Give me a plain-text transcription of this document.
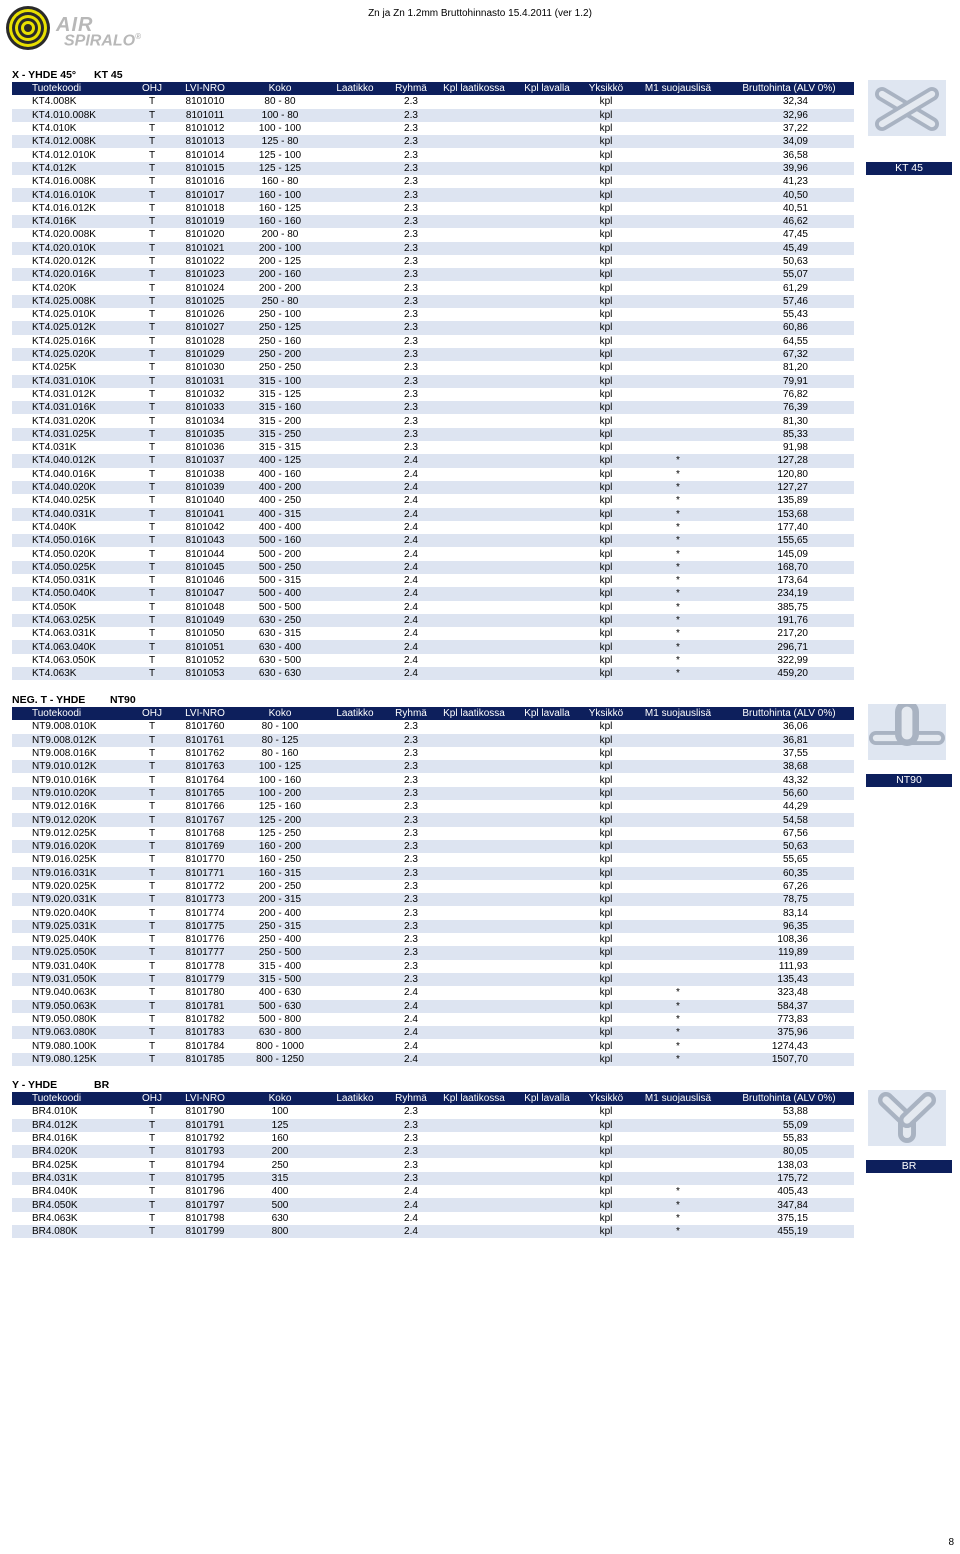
AIR
SPIRALO®
Zn ja Zn 1.2mm Bruttohinnasto 15.4.2011 (ver 1.2)
X - YHDE 45° KT 45
Tuotekoodi	OHJ	LVI-NRO	Koko	Laatikko	Ryhmä	Kpl laatikossa	Kpl lavalla	Yksikkö	M1 suojauslisä	Bruttohinta (ALV 0%)
KT4.008K	T	8101010	80 - 80		2.3			kpl		32,34
KT4.010.008K	T	8101011	100 - 80		2.3			kpl		32,96
KT4.010K	T	8101012	100 - 100		2.3			kpl		37,22
KT4.012.008K	T	8101013	125 - 80		2.3			kpl		34,09
KT4.012.010K	T	8101014	125 - 100		2.3			kpl		36,58
KT4.012K	T	8101015	125 - 125		2.3			kpl		39,96
KT4.016.008K	T	8101016	160 - 80		2.3			kpl		41,23
KT4.016.010K	T	8101017	160 - 100		2.3			kpl		40,50
KT4.016.012K	T	8101018	160 - 125		2.3			kpl		40,51
KT4.016K	T	8101019	160 - 160		2.3			kpl		46,62
KT4.020.008K	T	8101020	200 - 80		2.3			kpl		47,45
KT4.020.010K	T	8101021	200 - 100		2.3			kpl		45,49
KT4.020.012K	T	8101022	200 - 125		2.3			kpl		50,63
KT4.020.016K	T	8101023	200 - 160		2.3			kpl		55,07
KT4.020K	T	8101024	200 - 200		2.3			kpl		61,29
KT4.025.008K	T	8101025	250 - 80		2.3			kpl		57,46
KT4.025.010K	T	8101026	250 - 100		2.3			kpl		55,43
KT4.025.012K	T	8101027	250 - 125		2.3			kpl		60,86
KT4.025.016K	T	8101028	250 - 160		2.3			kpl		64,55
KT4.025.020K	T	8101029	250 - 200		2.3			kpl		67,32
KT4.025K	T	8101030	250 - 250		2.3			kpl		81,20
KT4.031.010K	T	8101031	315 - 100		2.3			kpl		79,91
KT4.031.012K	T	8101032	315 - 125		2.3			kpl		76,82
KT4.031.016K	T	8101033	315 - 160		2.3			kpl		76,39
KT4.031.020K	T	8101034	315 - 200		2.3			kpl		81,30
KT4.031.025K	T	8101035	315 - 250		2.3			kpl		85,33
KT4.031K	T	8101036	315 - 315		2.3			kpl		91,98
KT4.040.012K	T	8101037	400 - 125		2.4			kpl	*	127,28
KT4.040.016K	T	8101038	400 - 160		2.4			kpl	*	120,80
KT4.040.020K	T	8101039	400 - 200		2.4			kpl	*	127,27
KT4.040.025K	T	8101040	400 - 250		2.4			kpl	*	135,89
KT4.040.031K	T	8101041	400 - 315		2.4			kpl	*	153,68
KT4.040K	T	8101042	400 - 400		2.4			kpl	*	177,40
KT4.050.016K	T	8101043	500 - 160		2.4			kpl	*	155,65
KT4.050.020K	T	8101044	500 - 200		2.4			kpl	*	145,09
KT4.050.025K	T	8101045	500 - 250		2.4			kpl	*	168,70
KT4.050.031K	T	8101046	500 - 315		2.4			kpl	*	173,64
KT4.050.040K	T	8101047	500 - 400		2.4			kpl	*	234,19
KT4.050K	T	8101048	500 - 500		2.4			kpl	*	385,75
KT4.063.025K	T	8101049	630 - 250		2.4			kpl	*	191,76
KT4.063.031K	T	8101050	630 - 315		2.4			kpl	*	217,20
KT4.063.040K	T	8101051	630 - 400		2.4			kpl	*	296,71
KT4.063.050K	T	8101052	630 - 500		2.4			kpl	*	322,99
KT4.063K	T	8101053	630 - 630		2.4			kpl	*	459,20
KT 45
NEG. T - YHDE NT90
Tuotekoodi	OHJ	LVI-NRO	Koko	Laatikko	Ryhmä	Kpl laatikossa	Kpl lavalla	Yksikkö	M1 suojauslisä	Bruttohinta (ALV 0%)
NT9.008.010K	T	8101760	80 - 100		2.3			kpl		36,06
NT9.008.012K	T	8101761	80 - 125		2.3			kpl		36,81
NT9.008.016K	T	8101762	80 - 160		2.3			kpl		37,55
NT9.010.012K	T	8101763	100 - 125		2.3			kpl		38,68
NT9.010.016K	T	8101764	100 - 160		2.3			kpl		43,32
NT9.010.020K	T	8101765	100 - 200		2.3			kpl		56,60
NT9.012.016K	T	8101766	125 - 160		2.3			kpl		44,29
NT9.012.020K	T	8101767	125 - 200		2.3			kpl		54,58
NT9.012.025K	T	8101768	125 - 250		2.3			kpl		67,56
NT9.016.020K	T	8101769	160 - 200		2.3			kpl		50,63
NT9.016.025K	T	8101770	160 - 250		2.3			kpl		55,65
NT9.016.031K	T	8101771	160 - 315		2.3			kpl		60,35
NT9.020.025K	T	8101772	200 - 250		2.3			kpl		67,26
NT9.020.031K	T	8101773	200 - 315		2.3			kpl		78,75
NT9.020.040K	T	8101774	200 - 400		2.3			kpl		83,14
NT9.025.031K	T	8101775	250 - 315		2.3			kpl		96,35
NT9.025.040K	T	8101776	250 - 400		2.3			kpl		108,36
NT9.025.050K	T	8101777	250 - 500		2.3			kpl		119,89
NT9.031.040K	T	8101778	315 - 400		2.3			kpl		111,93
NT9.031.050K	T	8101779	315 - 500		2.3			kpl		135,43
NT9.040.063K	T	8101780	400 - 630		2.4			kpl	*	323,48
NT9.050.063K	T	8101781	500 - 630		2.4			kpl	*	584,37
NT9.050.080K	T	8101782	500 - 800		2.4			kpl	*	773,83
NT9.063.080K	T	8101783	630 - 800		2.4			kpl	*	375,96
NT9.080.100K	T	8101784	800 - 1000		2.4			kpl	*	1274,43
NT9.080.125K	T	8101785	800 - 1250		2.4			kpl	*	1507,70
NT90
Y - YHDE	BR
Tuotekoodi	OHJ	LVI-NRO	Koko	Laatikko	Ryhmä	Kpl laatikossa	Kpl lavalla	Yksikkö	M1 suojauslisä	Bruttohinta (ALV 0%)
BR4.010K	T	8101790	100		2.3			kpl		53,88
BR4.012K	T	8101791	125		2.3			kpl		55,09
BR4.016K	T	8101792	160		2.3			kpl		55,83
BR4.020K	T	8101793	200		2.3			kpl		80,05
BR4.025K	T	8101794	250		2.3			kpl		138,03
BR4.031K	T	8101795	315		2.3			kpl		175,72
BR4.040K	T	8101796	400		2.4			kpl	*	405,43
BR4.050K	T	8101797	500		2.4			kpl	*	347,84
BR4.063K	T	8101798	630		2.4			kpl	*	375,15
BR4.080K	T	8101799	800		2.4			kpl	*	455,19
BR
8
